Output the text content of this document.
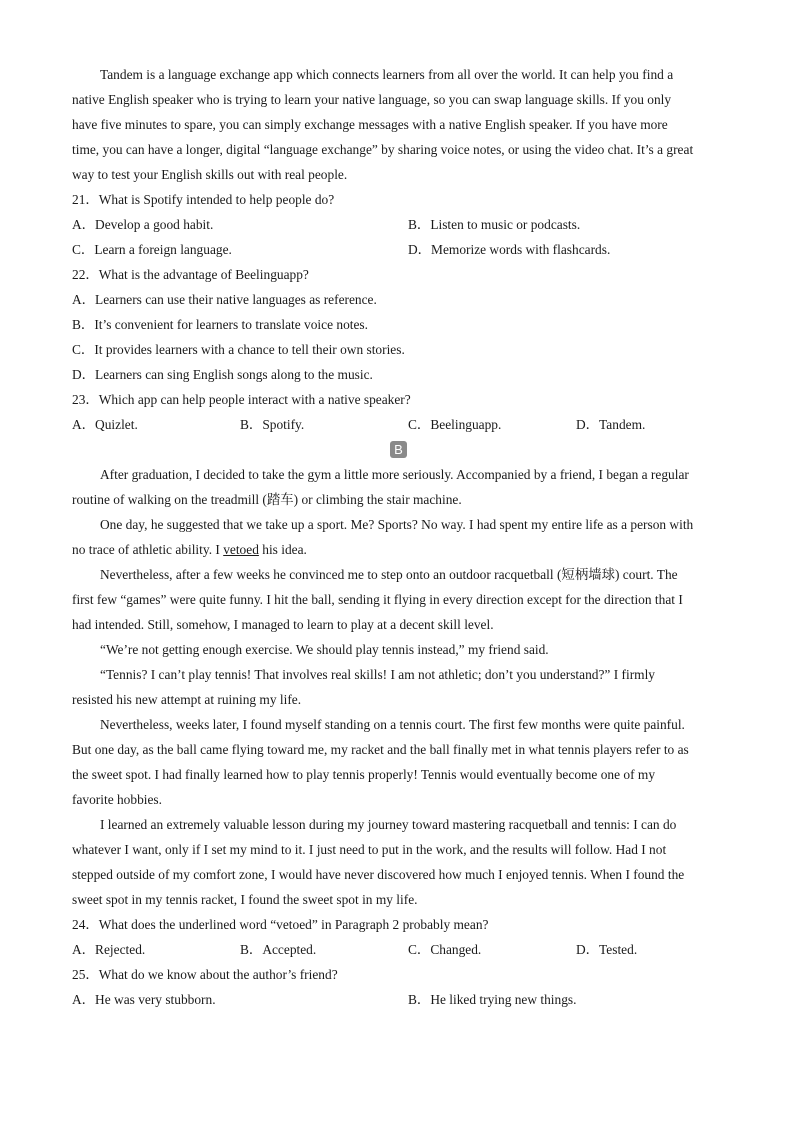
Tandem is a language exchange app which connects learners from all over the world. It can help you find a
native English speaker who is trying to learn your native language, so you can swap language skills. If you only
have five minutes to spare, you can simply exchange messages with a native English speaker. If you have more
time, you can have a longer, digital “language exchange” by sharing voice notes, or using the video chat. It’s a great
way to test your English skills out with real people.
21．What is Spotify intended to help people do?
A．Develop a good habit.	B．Listen to music or podcasts.
C．Learn a foreign language.	D．Memorize words with flashcards.
22．What is the advantage of Beelinguapp?
A．Learners can use their native languages as reference.
B．It’s convenient for learners to translate voice notes.
C．It provides learners with a chance to tell their own stories.
D．Learners can sing English songs along to the music.
23．Which app can help people interact with a native speaker?
A．Quizlet.	B．Spotify.	C．Beelinguapp.	D．Tandem.
B
After graduation, I decided to take the gym a little more seriously. Accompanied by a friend, I began a regular
routine of walking on the treadmill (踏车) or climbing the stair machine.
One day, he suggested that we take up a sport. Me? Sports? No way. I had spent my entire life as a person with
no trace of athletic ability. I vetoed his idea.
Nevertheless, after a few weeks he convinced me to step onto an outdoor racquetball (短柄墙球) court. The
first few “games” were quite funny. I hit the ball, sending it flying in every direction except for the direction that I
had intended. Still, somehow, I managed to learn to play at a decent skill level.
“We’re not getting enough exercise. We should play tennis instead,” my friend said.
“Tennis? I can’t play tennis! That involves real skills! I am not athletic; don’t you understand?” I firmly
resisted his new attempt at ruining my life.
Nevertheless, weeks later, I found myself standing on a tennis court. The first few months were quite painful.
But one day, as the ball came flying toward me, my racket and the ball finally met in what tennis players refer to as
the sweet spot. I had finally learned how to play tennis properly! Tennis would eventually become one of my
favorite hobbies.
I learned an extremely valuable lesson during my journey toward mastering racquetball and tennis: I can do
whatever I want, only if I set my mind to it. I just need to put in the work, and the results will follow. Had I not
stepped outside of my comfort zone, I would have never discovered how much I enjoyed tennis. When I found the
sweet spot in my tennis racket, I found the sweet spot in my life.
24．What does the underlined word “vetoed” in Paragraph 2 probably mean?
A．Rejected.	B．Accepted.	C．Changed.	D．Tested.
25．What do we know about the author’s friend?
A．He was very stubborn.	B．He liked trying new things.
